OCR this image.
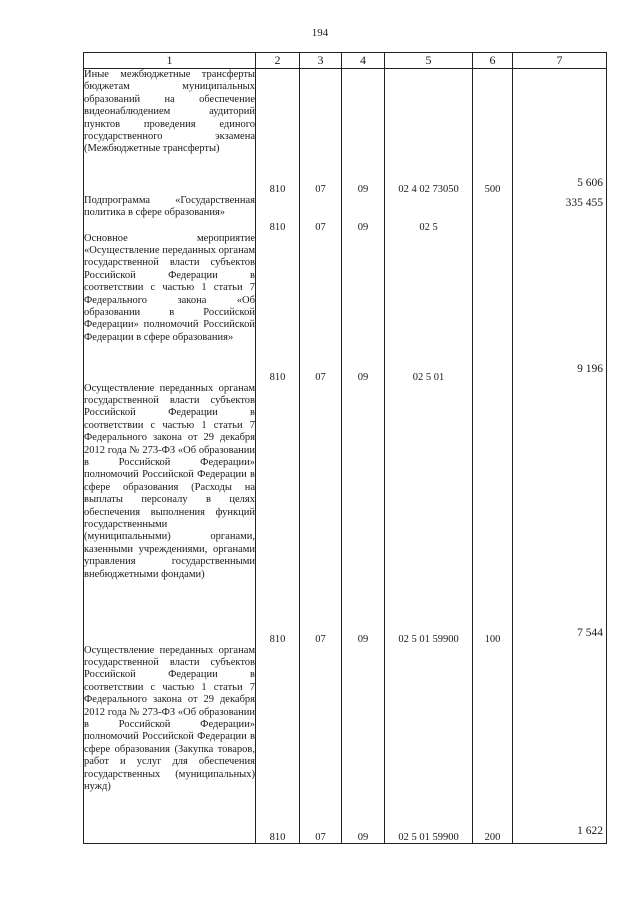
194
1	2	3	4	5	6	7
Иные межбюджетные трансферты бюджетам муниципальных образований на обеспечение видеонаблюдением аудиторий пунктов проведения единого государственного экзамена (Межбюджетные трансферты)	810	07	09	02 4 02 73050	500	5 606
Подпрограмма «Государственная политика в сфере образования»	810	07	09	02 5		335 455
Основное мероприятие «Осуществление переданных органам государственной власти субъектов Российской Федерации в соответствии с частью 1 статьи 7 Федерального закона «Об образовании в Российской Федерации» полномочий Российской Федерации в сфере образования»	810	07	09	02 5 01		9 196
Осуществление переданных органам государственной власти субъектов Российской Федерации в соответствии с частью 1 статьи 7 Федерального закона от 29 декабря 2012 года № 273-ФЗ «Об образовании в Российской Федерации» полномочий Российской Федерации в сфере образования (Расходы на выплаты персоналу в целях обеспечения выполнения функций государственными (муниципальными) органами, казенными учреждениями, органами управления государственными внебюджетными фондами)	810	07	09	02 5 01 59900	100	7 544
Осуществление переданных органам государственной власти субъектов Российской Федерации в соответствии с частью 1 статьи 7 Федерального закона от 29 декабря 2012 года № 273-ФЗ «Об образовании в Российской Федерации» полномочий Российской Федерации в сфере образования (Закупка товаров, работ и услуг для обеспечения государственных (муниципальных) нужд)	810	07	09	02 5 01 59900	200	1 622
